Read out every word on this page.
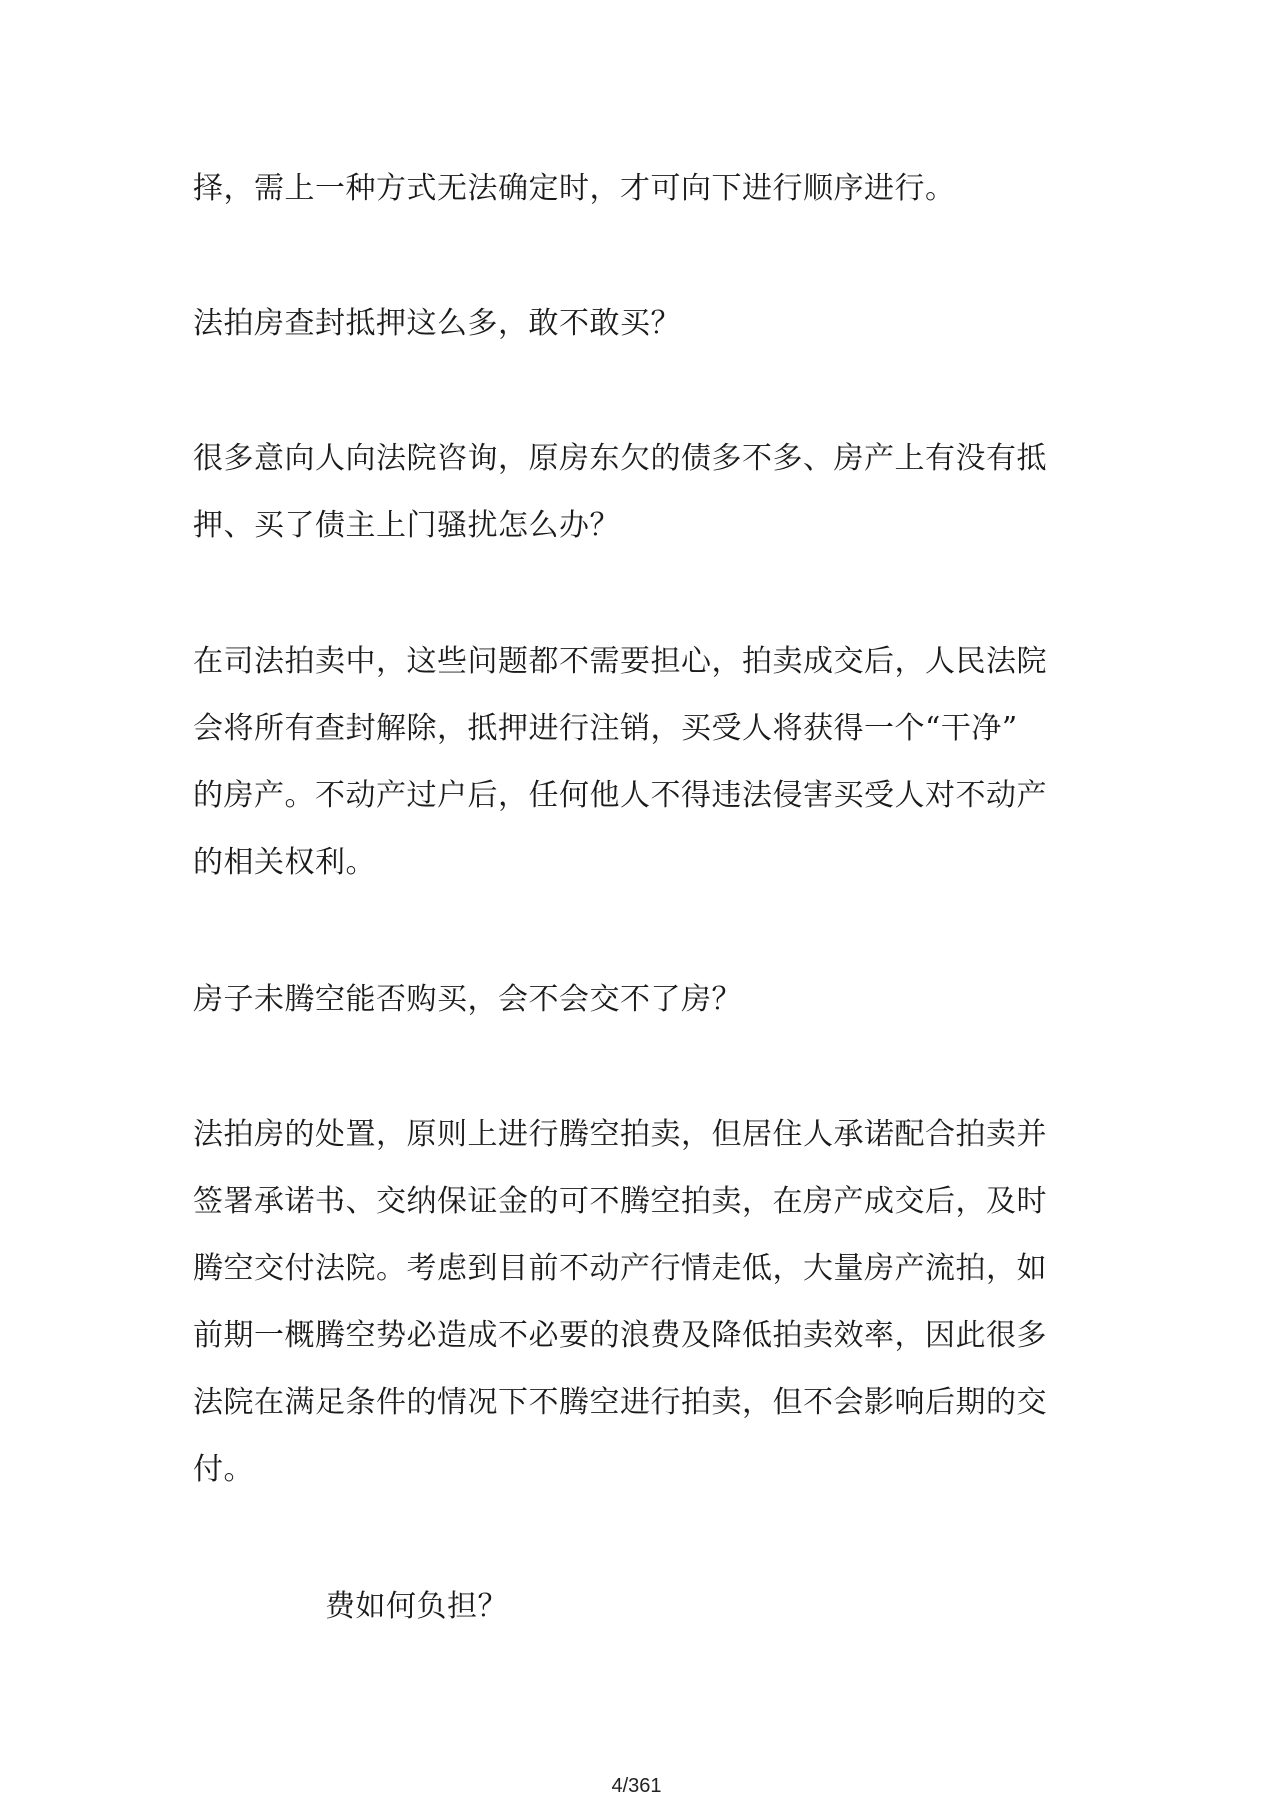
择，需上一种方式无法确定时，才可向下进行顺序进行。

法拍房查封抵押这么多，敢不敢买？

很多意向人向法院咨询，原房东欠的债多不多、房产上有没有抵
押、买了债主上门骚扰怎么办？

在司法拍卖中，这些问题都不需要担心，拍卖成交后，人民法院
会将所有查封解除，抵押进行注销，买受人将获得一个“干净”
的房产。不动产过户后，任何他人不得违法侵害买受人对不动产
的相关权利。

房子未腾空能否购买，会不会交不了房？

法拍房的处置，原则上进行腾空拍卖，但居住人承诺配合拍卖并
签署承诺书、交纳保证金的可不腾空拍卖，在房产成交后，及时
腾空交付法院。考虑到目前不动产行情走低，大量房产流拍，如
前期一概腾空势必造成不必要的浪费及降低拍卖效率，因此很多
法院在满足条件的情况下不腾空进行拍卖，但不会影响后期的交
付。

费如何负担？

4/361
